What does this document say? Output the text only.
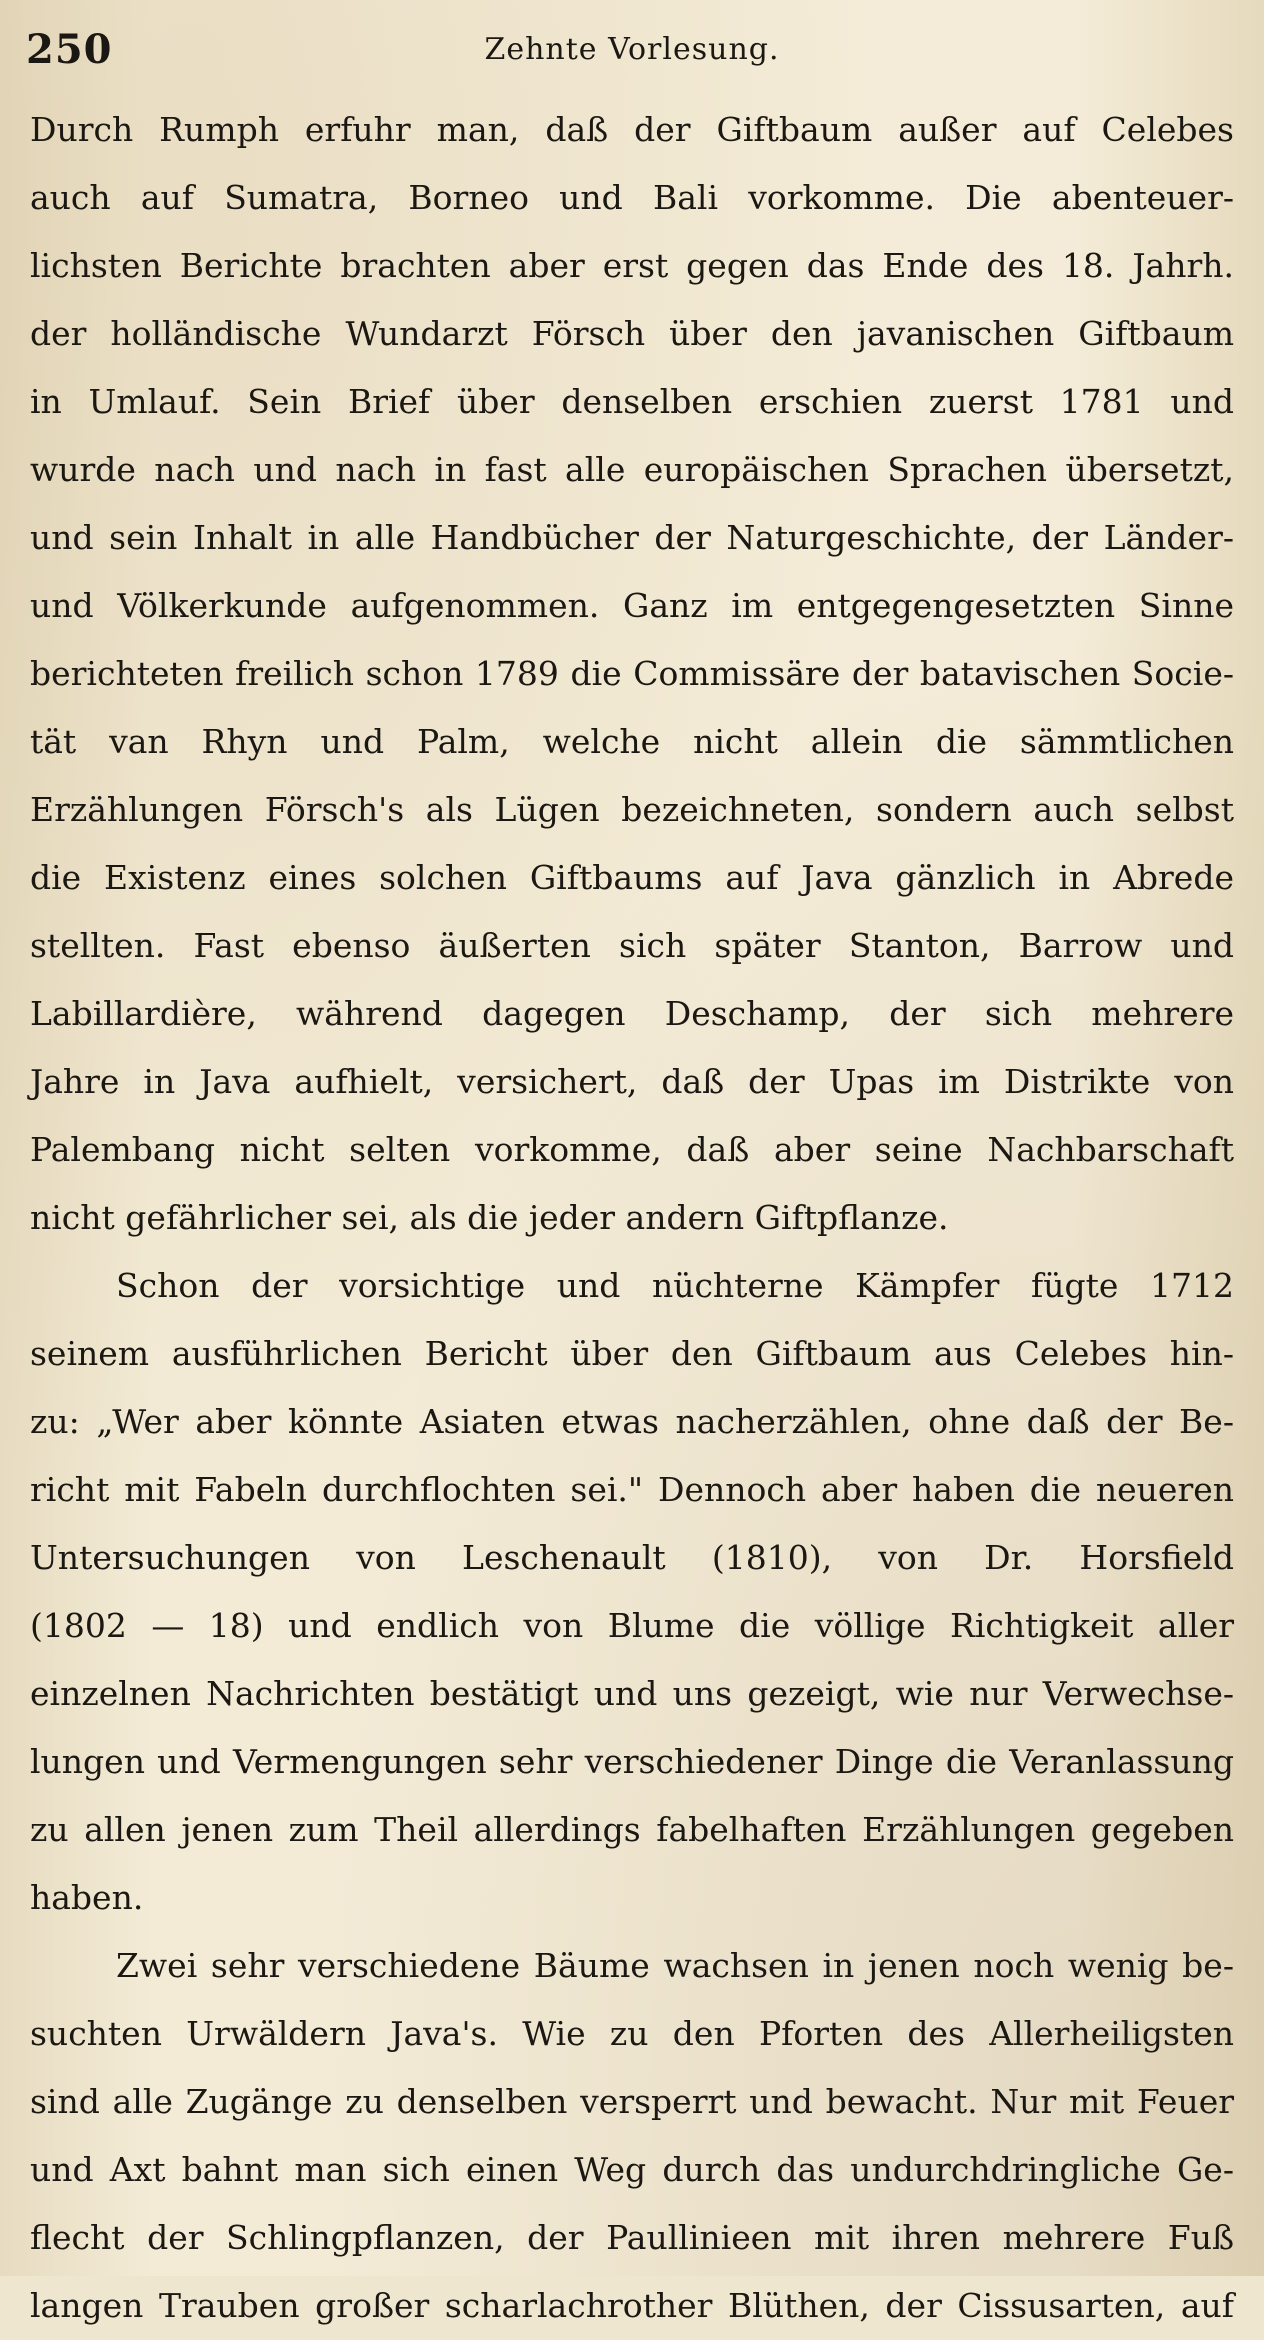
250	Zehnte Vorlesung.
Durch Rumph erfuhr man, daß der Giftbaum außer auf Celebes
auch auf Sumatra, Borneo und Bali vorkomme. Die abenteuer-
lichsten Berichte brachten aber erst gegen das Ende des 18. Jahrh.
der holländische Wundarzt Försch über den javanischen Giftbaum
in Umlauf. Sein Brief über denselben erschien zuerst 1781 und
wurde nach und nach in fast alle europäischen Sprachen übersetzt,
und sein Inhalt in alle Handbücher der Naturgeschichte, der Länder-
und Völkerkunde aufgenommen. Ganz im entgegengesetzten Sinne
berichteten freilich schon 1789 die Commissäre der batavischen Socie-
tät van Rhyn und Palm, welche nicht allein die sämmtlichen
Erzählungen Försch's als Lügen bezeichneten, sondern auch selbst
die Existenz eines solchen Giftbaums auf Java gänzlich in Abrede
stellten. Fast ebenso äußerten sich später Stanton, Barrow und
Labillardière, während dagegen Deschamp, der sich mehrere
Jahre in Java aufhielt, versichert, daß der Upas im Distrikte von
Palembang nicht selten vorkomme, daß aber seine Nachbarschaft
nicht gefährlicher sei, als die jeder andern Giftpflanze.
Schon der vorsichtige und nüchterne Kämpfer fügte 1712
seinem ausführlichen Bericht über den Giftbaum aus Celebes hin-
zu: „Wer aber könnte Asiaten etwas nacherzählen, ohne daß der Be-
richt mit Fabeln durchflochten sei." Dennoch aber haben die neueren
Untersuchungen von Leschenault (1810), von Dr. Horsfield
(1802 — 18) und endlich von Blume die völlige Richtigkeit aller
einzelnen Nachrichten bestätigt und uns gezeigt, wie nur Verwechse-
lungen und Vermengungen sehr verschiedener Dinge die Veranlassung
zu allen jenen zum Theil allerdings fabelhaften Erzählungen gegeben
haben.
Zwei sehr verschiedene Bäume wachsen in jenen noch wenig be-
suchten Urwäldern Java's. Wie zu den Pforten des Allerheiligsten
sind alle Zugänge zu denselben versperrt und bewacht. Nur mit Feuer
und Axt bahnt man sich einen Weg durch das undurchdringliche Ge-
flecht der Schlingpflanzen, der Paullinieen mit ihren mehrere Fuß
langen Trauben großer scharlachrother Blüthen, der Cissusarten, auf
